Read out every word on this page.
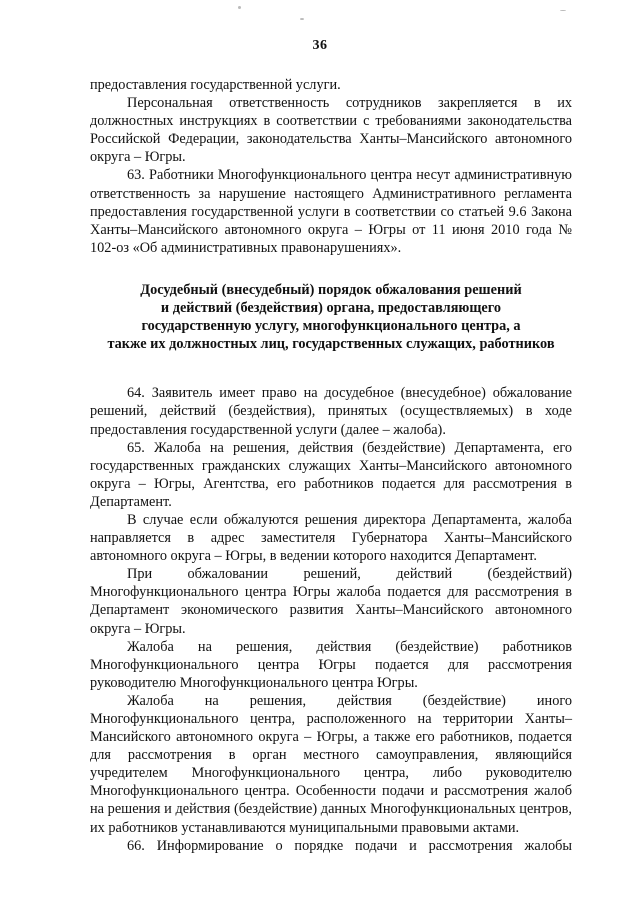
36

предоставления государственной услуги.

Персональная ответственность сотрудников закрепляется в их должностных инструкциях в соответствии с требованиями законодательства Российской Федерации, законодательства Ханты–Мансийского автономного округа – Югры.

63. Работники Многофункционального центра несут административную ответственность за нарушение настоящего Административного регламента предоставления государственной услуги в соответствии со статьей 9.6 Закона Ханты–Мансийского автономного округа – Югры от 11 июня 2010 года № 102-оз «Об административных правонарушениях».

Досудебный (внесудебный) порядок обжалования решений
и действий (бездействия) органа, предоставляющего
государственную услугу, многофункционального центра, а
также их должностных лиц, государственных служащих, работников

64. Заявитель имеет право на досудебное (внесудебное) обжалование решений, действий (бездействия), принятых (осуществляемых) в ходе предоставления государственной услуги (далее – жалоба).

65. Жалоба на решения, действия (бездействие) Департамента, его государственных гражданских служащих Ханты–Мансийского автономного округа – Югры, Агентства, его работников подается для рассмотрения в Департамент.

В случае если обжалуются решения директора Департамента, жалоба направляется в адрес заместителя Губернатора Ханты–Мансийского автономного округа – Югры, в ведении которого находится Департамент.

При обжаловании решений, действий (бездействий) Многофункционального центра Югры жалоба подается для рассмотрения в Департамент экономического развития Ханты–Мансийского автономного округа – Югры.

Жалоба на решения, действия (бездействие) работников Многофункционального центра Югры подается для рассмотрения руководителю Многофункционального центра Югры.

Жалоба на решения, действия (бездействие) иного Многофункционального центра, расположенного на территории Ханты–Мансийского автономного округа – Югры, а также его работников, подается для рассмотрения в орган местного самоуправления, являющийся учредителем Многофункционального центра, либо руководителю Многофункционального центра. Особенности подачи и рассмотрения жалоб на решения и действия (бездействие) данных Многофункциональных центров, их работников устанавливаются муниципальными правовыми актами.

66. Информирование о порядке подачи и рассмотрения жалобы
